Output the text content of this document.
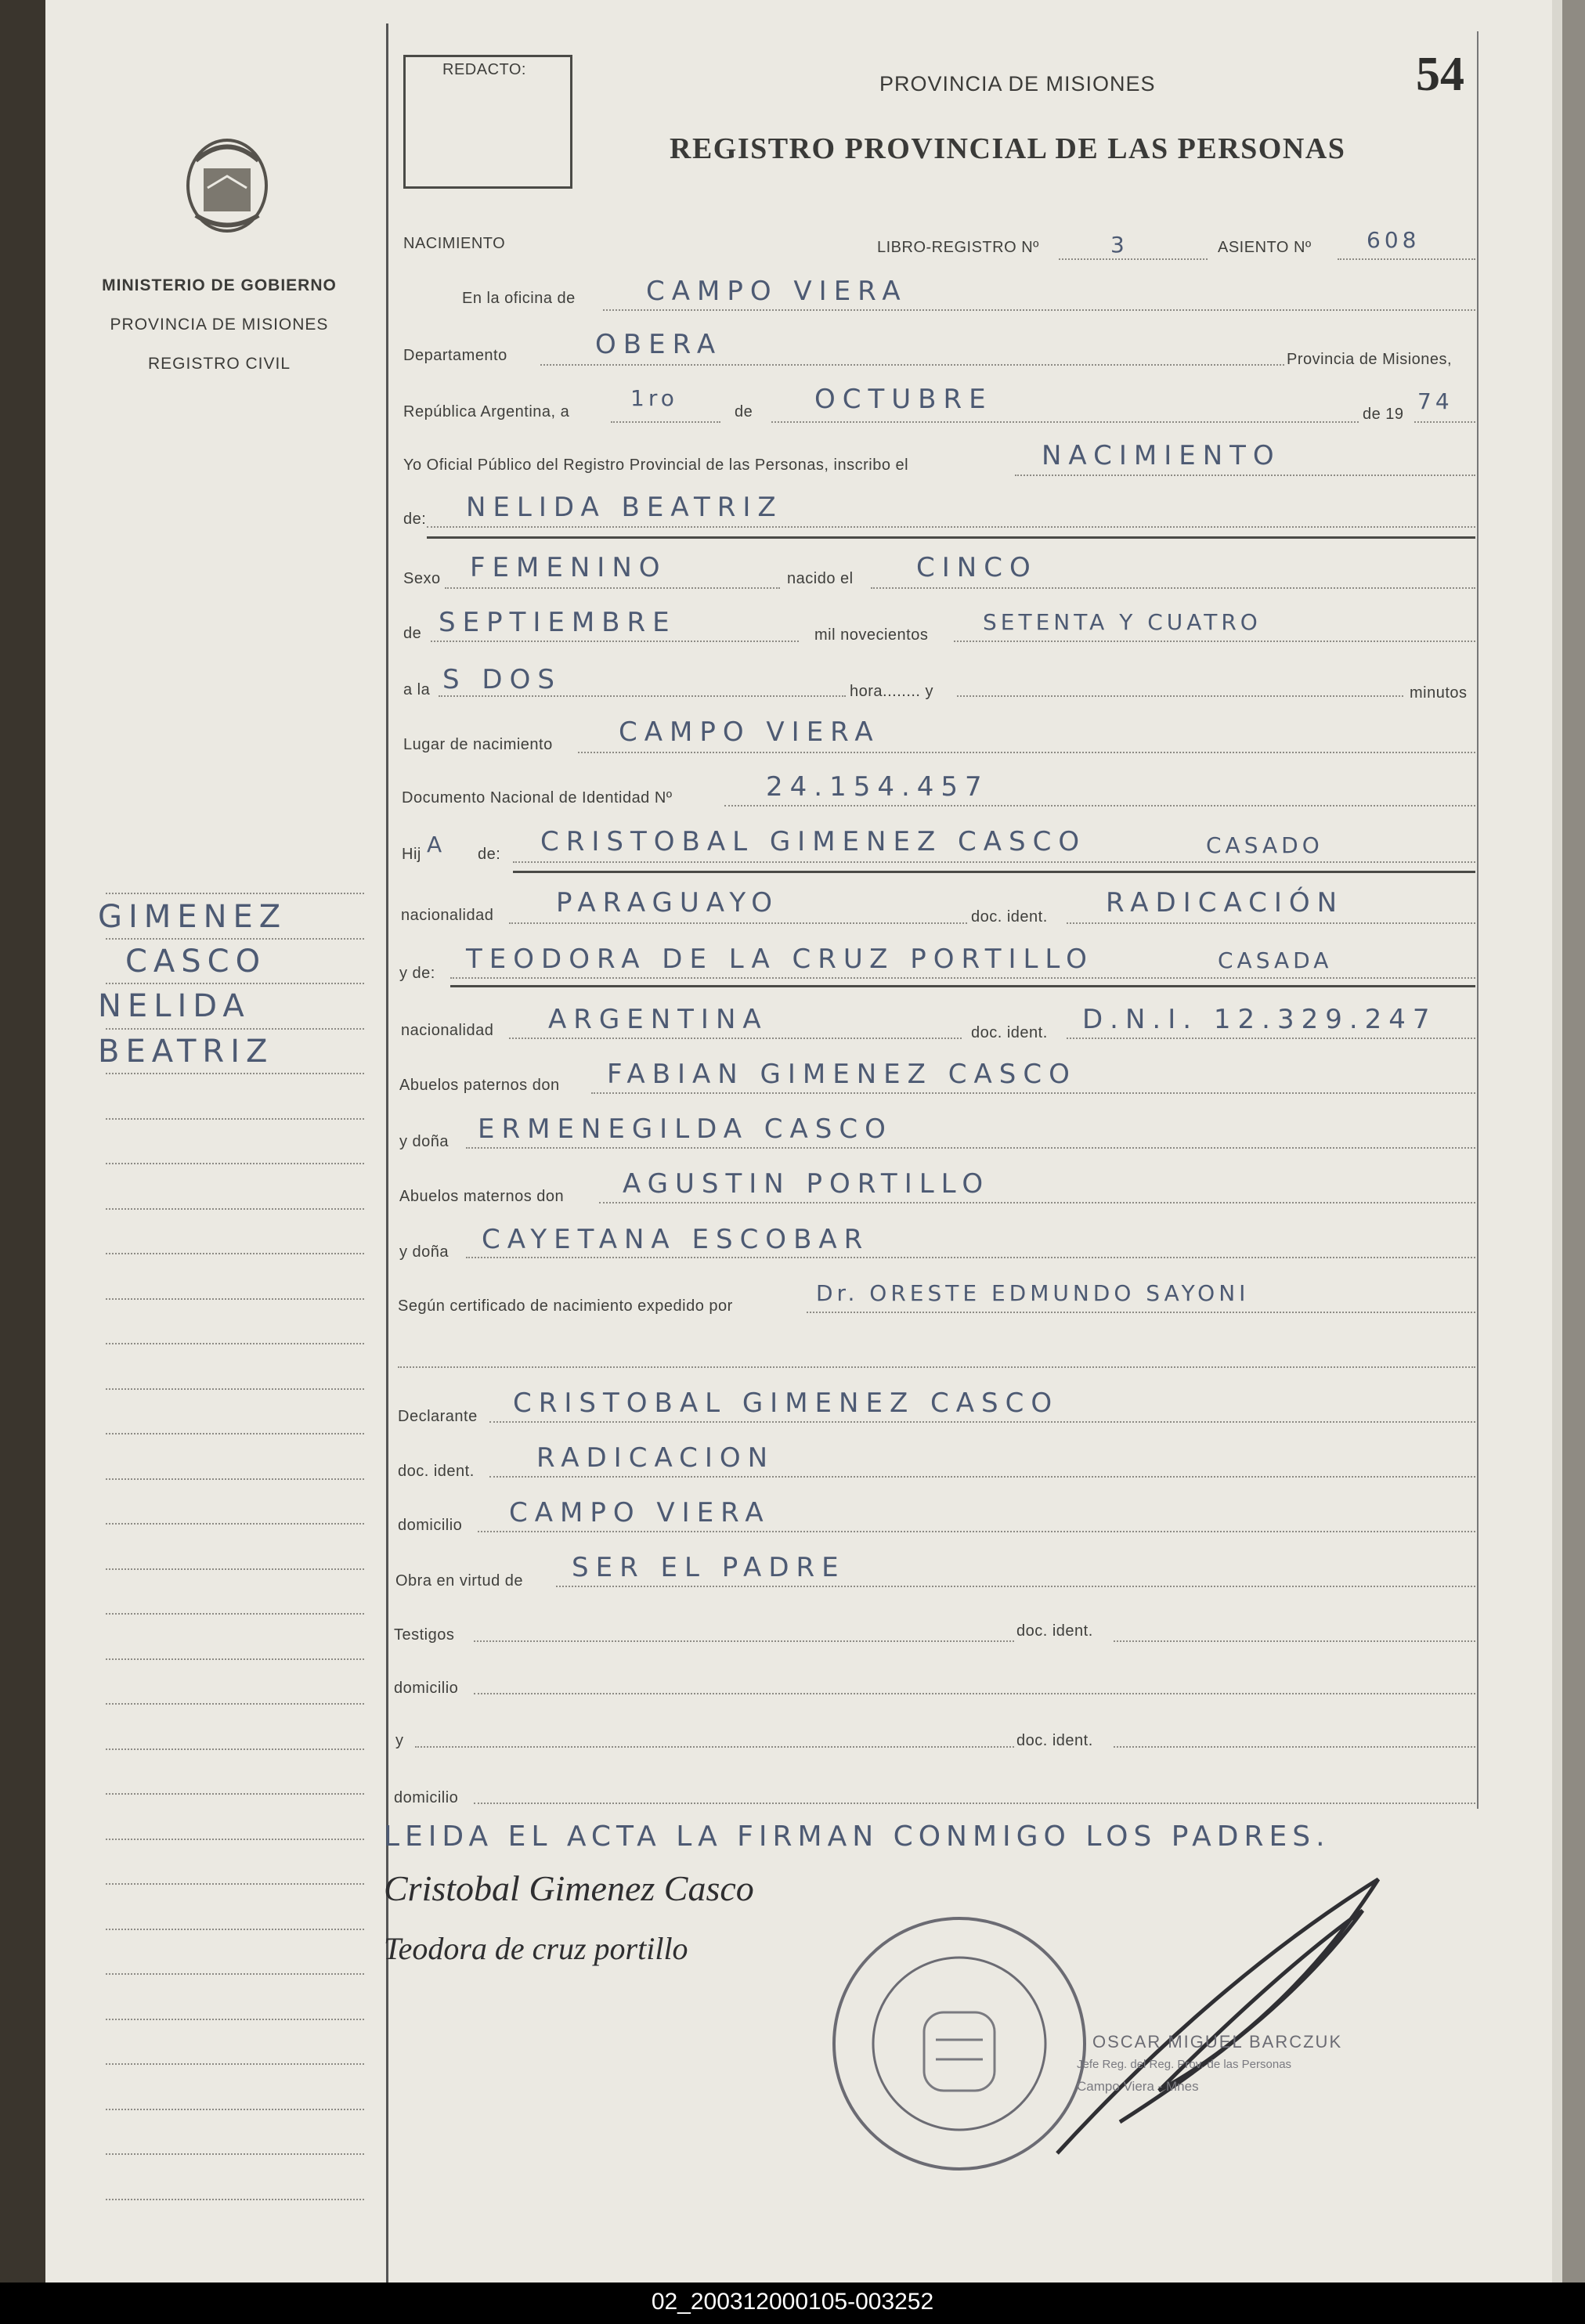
MINISTERIO DE GOBIERNO
PROVINCIA DE MISIONES
REGISTRO CIVIL
GIMENEZ
CASCO
NELIDA
BEATRIZ
REDACTO:
PROVINCIA DE MISIONES
REGISTRO PROVINCIAL DE LAS PERSONAS
54
NACIMIENTO	LIBRO-REGISTRO Nº	3	ASIENTO Nº	608
En la oficina de	CAMPO VIERA
Departamento	OBERA	Provincia de Misiones,
República Argentina, a
1ro
de OCTUBRE	de 19 74
Yo Oficial Público del Registro Provincial de las Personas, inscribo el	NACIMIENTO
de: NELIDA BEATRIZ
Sexo FEMENINO	nacido el CINCO
de SEPTIEMBRE	mil novecientos SETENTA Y CUATRO
a la S DOS	hora........ y	minutos
Lugar de nacimiento CAMPO VIERA
Documento Nacional de Identidad Nº	24.154.457
Hij A de: CRISTOBAL GIMENEZ CASCO	CASADO
nacionalidad PARAGUAYO	doc. ident. RADICACIÓN
y de: TEODORA DE LA CRUZ PORTILLO	CASADA
nacionalidad ARGENTINA	doc. ident. D.N.I. 12.329.247
Abuelos paternos don FABIAN GIMENEZ CASCO
y doña ERMENEGILDA CASCO
Abuelos maternos don AGUSTIN PORTILLO
y doña CAYETANA ESCOBAR
Según certificado de nacimiento expedido por	Dr. ORESTE EDMUNDO SAYONI
Declarante CRISTOBAL GIMENEZ CASCO
doc. ident. RADICACION
domicilio CAMPO VIERA
Obra en virtud de SER EL PADRE
Testigos	doc. ident.
domicilio
y	doc. ident.
domicilio
LEIDA EL ACTA LA FIRMAN CONMIGO LOS PADRES.
Cristobal Gimenez Casco
Teodora de cruz portillo
OSCAR MIGUEL BARCZUK
Jefe Reg. del Reg. Prov. de las Personas
Campo Viera - Mnes
02_200312000105-003252
